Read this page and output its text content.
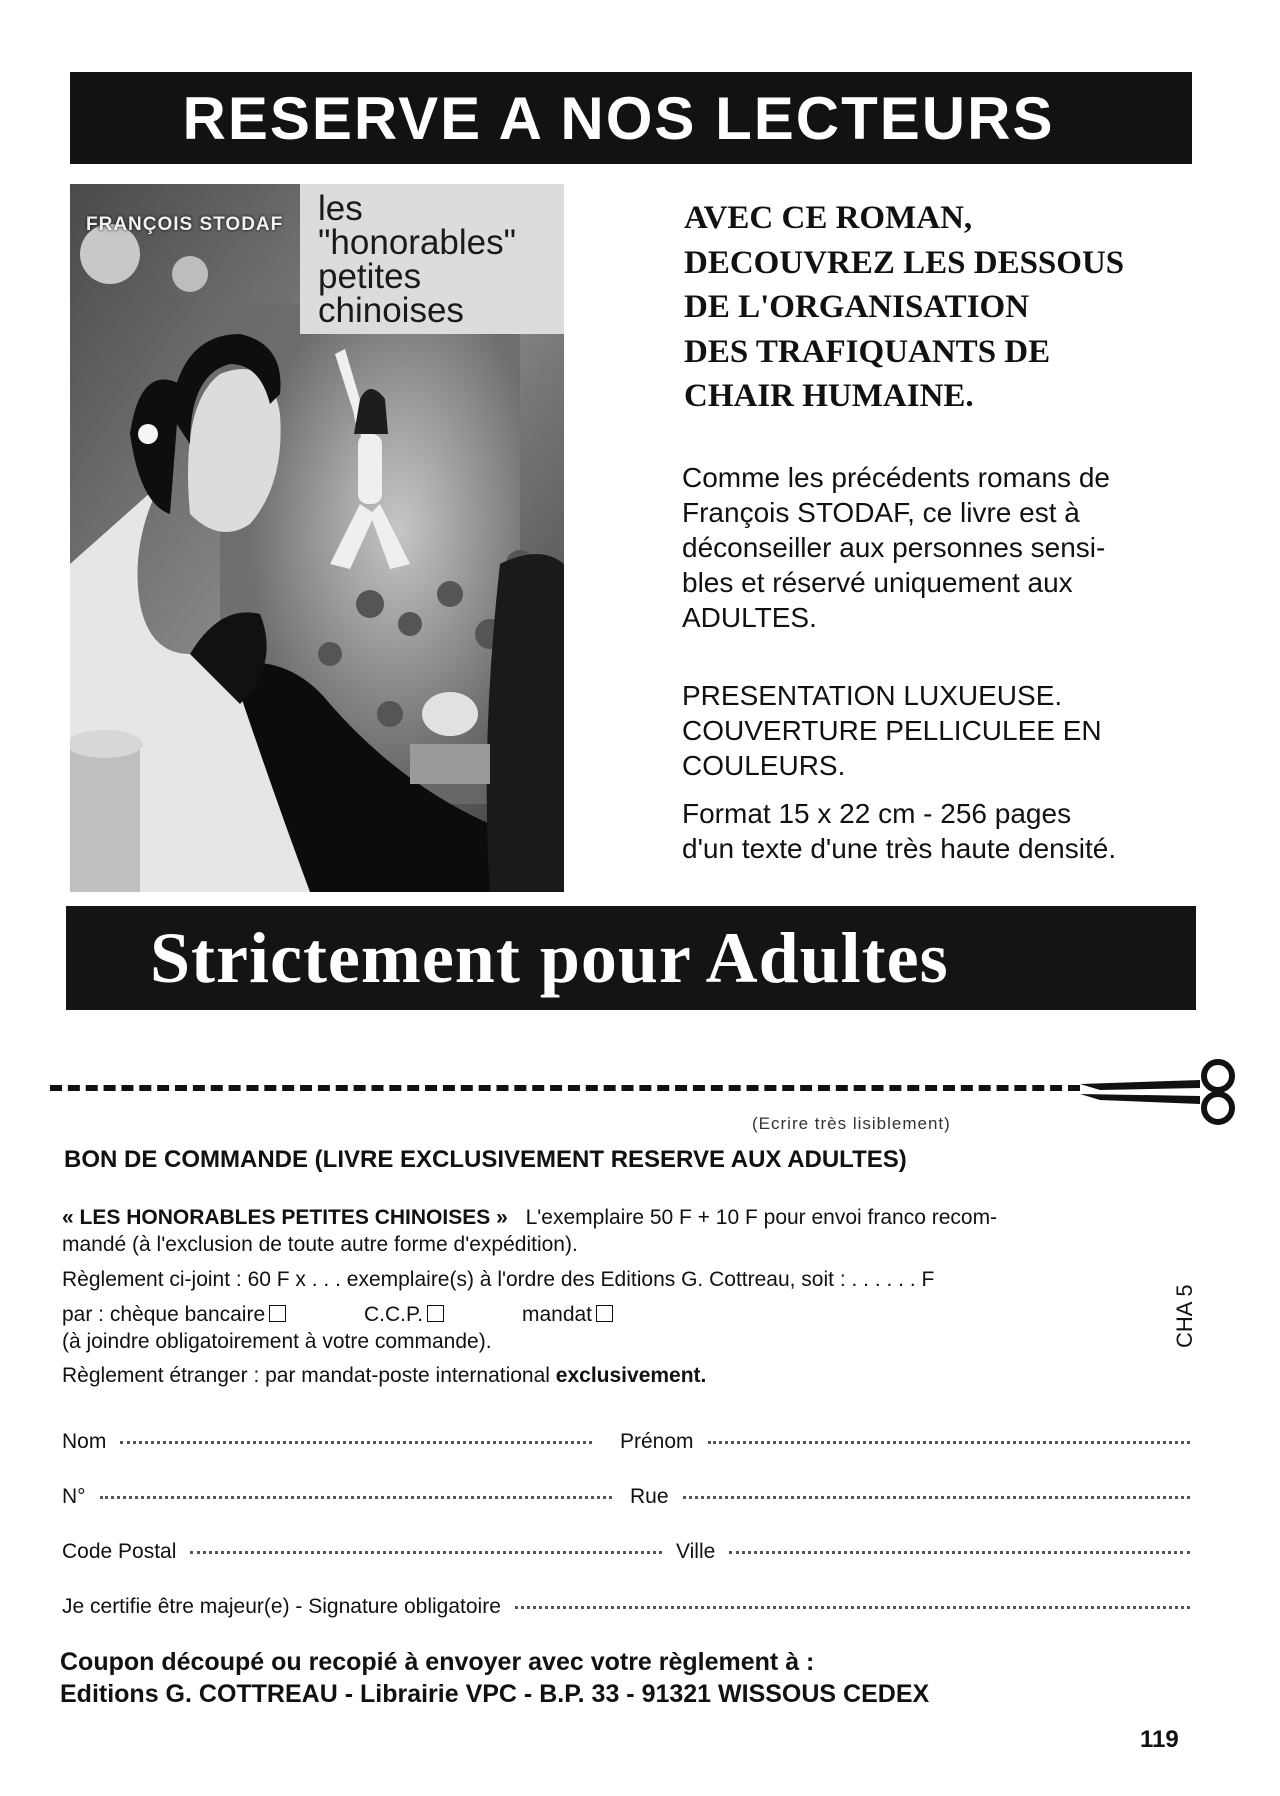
RESERVE A NOS LECTEURS
FRANÇOIS STODAF les
"honorables"
petites
chinoises
AVEC CE ROMAN,
DECOUVREZ LES DESSOUS
DE L'ORGANISATION
DES TRAFIQUANTS DE
CHAIR HUMAINE.
Comme les précédents romans de
François STODAF, ce livre est à
déconseiller aux personnes sensi-
bles et réservé uniquement aux
ADULTES.
PRESENTATION LUXUEUSE.
COUVERTURE PELLICULEE EN
COULEURS.
Format 15 x 22 cm - 256 pages
d'un texte d'une très haute densité.
Strictement pour Adultes
(Ecrire très lisiblement)
BON DE COMMANDE (LIVRE EXCLUSIVEMENT RESERVE AUX ADULTES)
« LES HONORABLES PETITES CHINOISES » L'exemplaire 50 F + 10 F pour envoi franco recom-
mandé (à l'exclusion de toute autre forme d'expédition).
Règlement ci-joint : 60 F x . . . exemplaire(s) à l'ordre des Editions G. Cottreau, soit : . . . . . . F
par : chèque bancaire	C.C.P.	mandat
(à joindre obligatoirement à votre commande).
Règlement étranger : par mandat-poste international exclusivement.
CHA 5
Nom	Prénom
N°	Rue
Code Postal	Ville
Je certifie être majeur(e) - Signature obligatoire
Coupon découpé ou recopié à envoyer avec votre règlement à :
Editions G. COTTREAU - Librairie VPC - B.P. 33 - 91321 WISSOUS CEDEX
119
